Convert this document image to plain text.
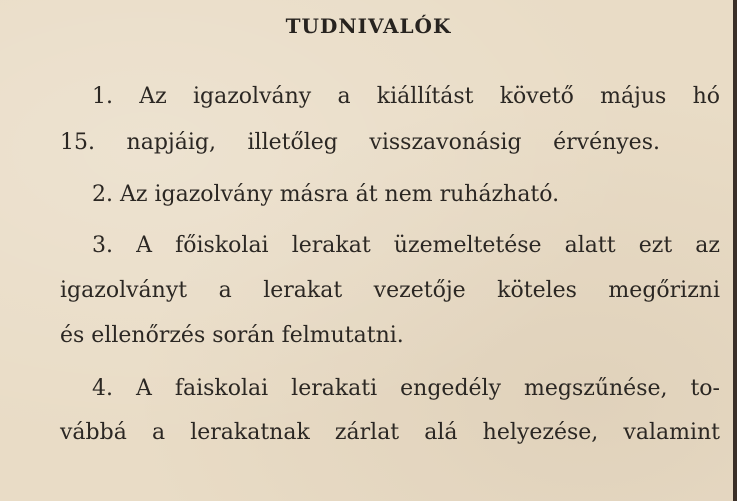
TUDNIVALÓK
1. Az igazolvány a kiállítást követő május hó
15. napjáig, illetőleg visszavonásig érvényes.
2. Az igazolvány másra át nem ruházható.
3. A főiskolai lerakat üzemeltetése alatt ezt az
igazolványt a lerakat vezetője köteles megőrizni
és ellenőrzés során felmutatni.
4. A faiskolai lerakati engedély megszűnése, to-
vábbá a lerakatnak zárlat alá helyezése, valamint
